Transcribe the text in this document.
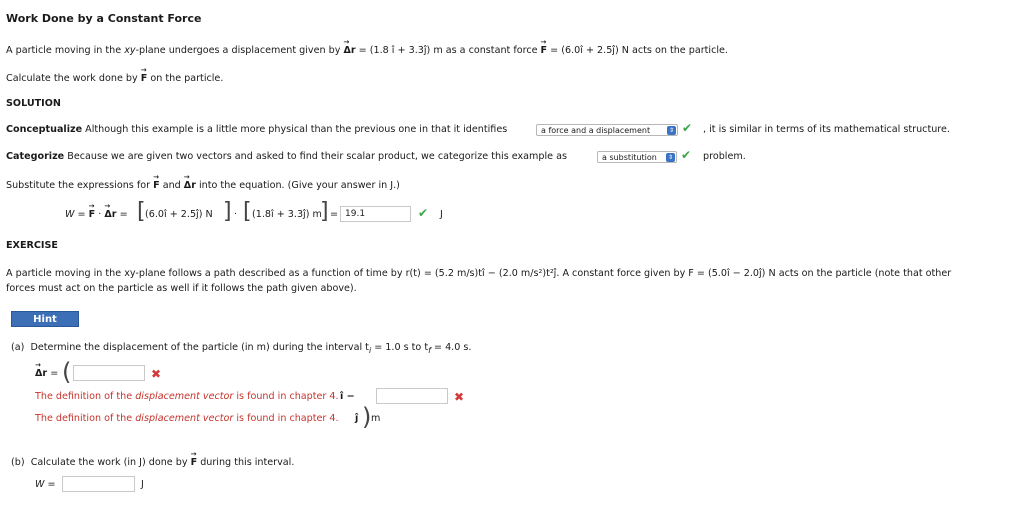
Work Done by a Constant Force
A particle moving in the xy-plane undergoes a displacement given by → Δr = (1.8 î + 3.3ĵ) m as a constant force → F = (6.0î + 2.5ĵ) N acts on the particle.
Calculate the work done by → F on the particle.
SOLUTION
Conceptualize Although this example is a little more physical than the previous one in that it identifies	a force and a displacement	⇕ ✔ , it is similar in terms of its mathematical structure.
Categorize Because we are given two vectors and asked to find their scalar product, we categorize this example as	a substitution	⇕ ✔ problem.
Substitute the expressions for → F and → Δr into the equation. (Give your answer in J.)
W = → F · → Δr = [ (6.0î + 2.5ĵ) N ] · [ (1.8î + 3.3ĵ) m
] = 19.1	✔ J
EXERCISE
A particle moving in the xy-plane follows a path described as a function of time by r(t) = (5.2 m/s)tî − (2.0 m/s²)t²ĵ. A constant force given by F = (5.0î − 2.0ĵ) N acts on the particle (note that other
forces must act on the particle as well if it follows the path given above).
Hint
(a) Determine the displacement of the particle (in m) during the interval $t_i = 1.0$ s to $t_f = 4.0$ s.
→ Δr = (	✖
The definition of the displacement vector is found in chapter 4. î −	✖
The definition of the displacement vector is found in chapter 4. ĵ ) m
(b) Calculate the work (in J) done by → F during this interval.
W =	J
